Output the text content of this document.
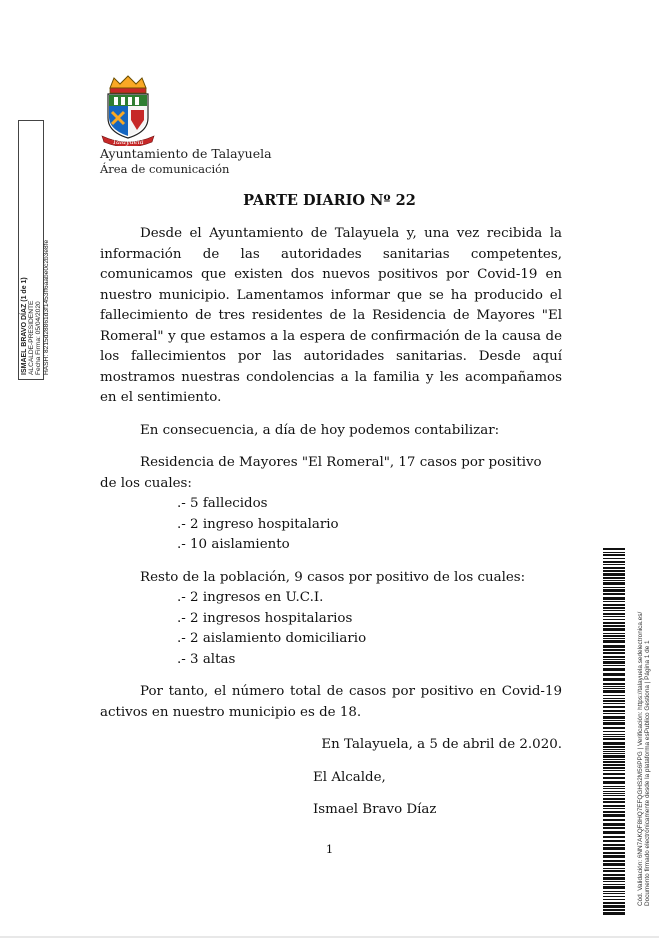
Talayuela
Ayuntamiento de Talayuela
Área de comunicación
PARTE DIARIO Nº 22

Desde el Ayuntamiento de Talayuela y, una vez recibida la información de las autoridades sanitarias competentes, comunicamos que existen dos nuevos positivos por Covid-19 en nuestro municipio. Lamentamos informar que se ha producido el fallecimiento de tres residentes de la Residencia de Mayores "El Romeral" y que estamos a la espera de confirmación de la causa de los fallecimientos por las autoridades sanitarias. Desde aquí mostramos nuestras condolencias a la familia y les acompañamos en el sentimiento.

En consecuencia, a día de hoy podemos contabilizar:

Residencia de Mayores "El Romeral", 17 casos por positivo de los cuales:

.- 5 fallecidos
.- 2 ingreso hospitalario
.- 10 aislamiento

Resto de la población, 9 casos por positivo de los cuales:

.- 2 ingresos en U.C.I.
.- 2 ingresos hospitalarios
.- 2 aislamiento domiciliario
.- 3 altas

Por tanto, el número total de casos por positivo en Covid-19 activos en nuestro municipio es de 18.

En Talayuela, a 5 de abril de 2.020.

El Alcalde,

Ismael Bravo Díaz

1
ISMAEL BRAVO DÍAZ (1 de 1) ALCALDE-PRESIDENTE Fecha Firma: 05/04/2020 HASH: 8215d28861d3f1453ff6aabe0c2b3e8fe
Cód. Validación: 6NN7AKQF8HQ7EFQGHS2M56PPG | Verificación: https://talayuela.sedelectronica.es/ Documento firmado electrónicamente desde la plataforma esPublico Gestiona | Página 1 de 1
